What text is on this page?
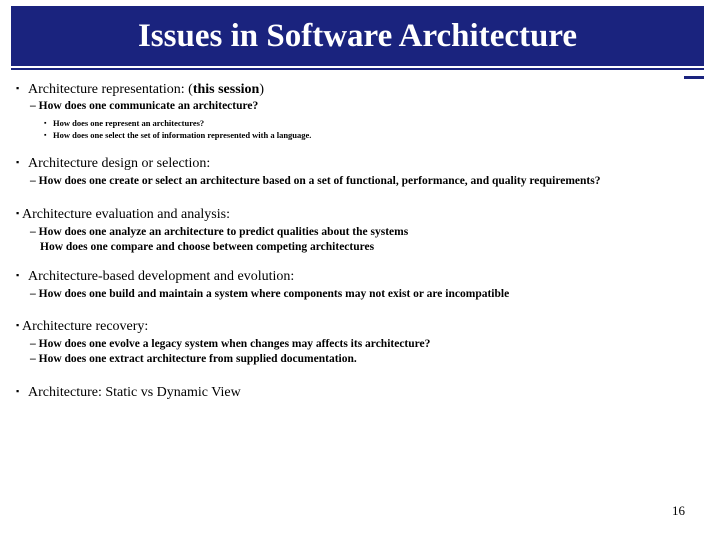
Issues in Software Architecture
▪ Architecture representation: (this session)
– How does one communicate an architecture?
▪ How does one represent an architectures?
▪ How does one select the set of information represented with a language.
▪ Architecture design or selection:
– How does one create or select an architecture based on a set of functional, performance, and quality requirements?
▪ Architecture evaluation and analysis:
– How does one analyze an architecture to predict qualities about the systems
How does one compare and choose between competing architectures
▪ Architecture-based development and evolution:
– How does one build and maintain a system where components may not exist or are incompatible
▪ Architecture recovery:
– How does one evolve a legacy system when changes may affects its architecture?
– How does one extract architecture from supplied documentation.
▪ Architecture: Static vs Dynamic View
16
